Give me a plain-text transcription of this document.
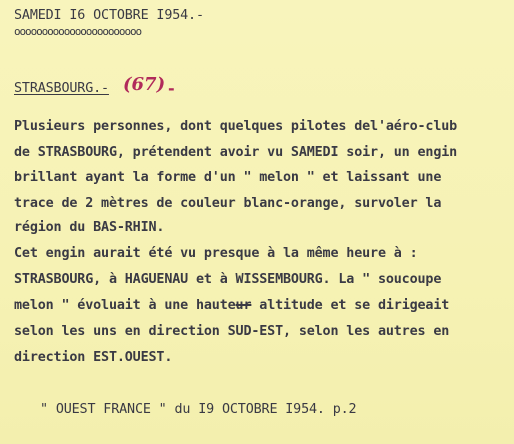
SAMEDI I6 OCTOBRE I954.-
ooooooooooooooooooooooo
STRASBOURG.- (67) -
Plusieurs personnes, dont quelques pilotes del'aéro-club
de STRASBOURG, prétendent avoir vu SAMEDI soir, un engin
brillant ayant la forme d'un " melon " et laissant une
trace de 2 mètres de couleur blanc-orange, survoler la
région du BAS-RHIN.
Cet engin aurait été vu presque à la même heure à :
STRASBOURG, à HAGUENAU et à WISSEMBOURG. La " soucoupe
melon " évoluait à une hauteur altitude et se dirigeait
selon les uns en direction SUD-EST, selon les autres en
direction EST.OUEST.
" OUEST FRANCE " du I9 OCTOBRE I954. p.2
